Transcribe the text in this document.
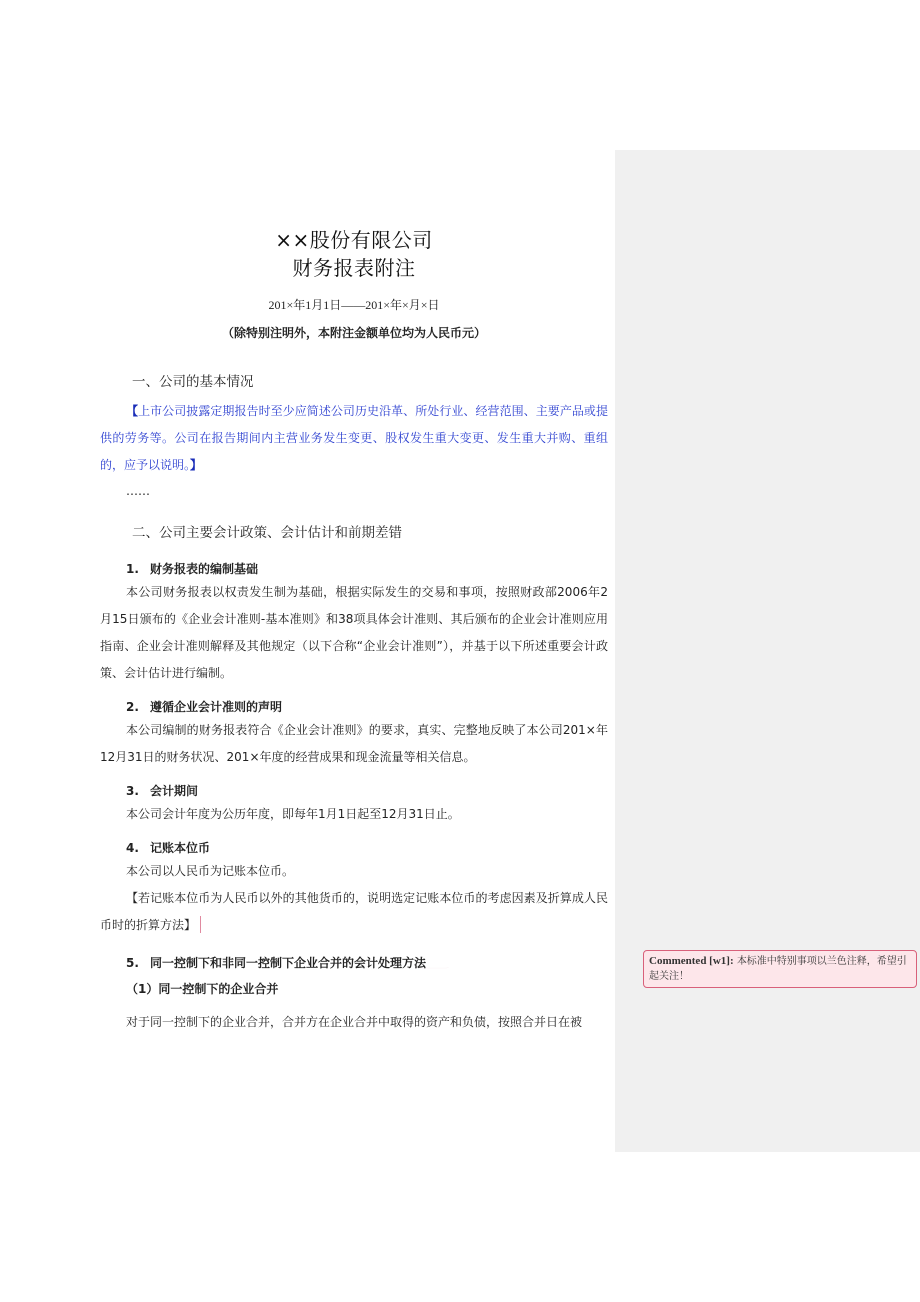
××股份有限公司
财务报表附注
201×年1月1日——201×年×月×日
（除特别注明外，本附注金额单位均为人民币元）
一、公司的基本情况

【上市公司披露定期报告时至少应简述公司历史沿革、所处行业、经营范围、主要产品或提供的劳务等。公司在报告期间内主营业务发生变更、股权发生重大变更、发生重大并购、重组的，应予以说明。】

……
二、公司主要会计政策、会计估计和前期差错
1. 财务报表的编制基础

本公司财务报表以权责发生制为基础，根据实际发生的交易和事项，按照财政部2006年2月15日颁布的《企业会计准则-基本准则》和38项具体会计准则、其后颁布的企业会计准则应用指南、企业会计准则解释及其他规定（以下合称“企业会计准则”），并基于以下所述重要会计政策、会计估计进行编制。

2. 遵循企业会计准则的声明

本公司编制的财务报表符合《企业会计准则》的要求，真实、完整地反映了本公司201×年12月31日的财务状况、201×年度的经营成果和现金流量等相关信息。

3. 会计期间

本公司会计年度为公历年度，即每年1月1日起至12月31日止。

4. 记账本位币

本公司以人民币为记账本位币。

【若记账本位币为人民币以外的其他货币的，说明选定记账本位币的考虑因素及折算成人民币时的折算方法】

5. 同一控制下和非同一控制下企业合并的会计处理方法
（1）同一控制下的企业合并

对于同一控制下的企业合并，合并方在企业合并中取得的资产和负债，按照合并日在被

Commented [w1]: 本标准中特别事项以兰色注释，希望引起关注！
